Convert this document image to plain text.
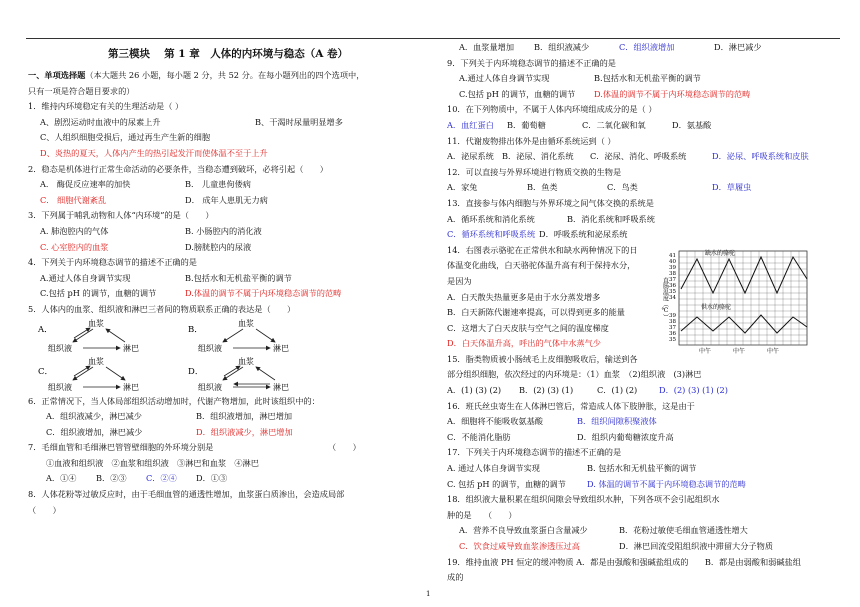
第三模块　 第 1 章　人体的内环境与稳态（A 卷）
一、单项选择题（本大题共 26 小题，每小题 2 分，共 52 分。在每小题列出的四个选项中，
只有一项是符合题目要求的）
1．维持内环境稳定有关的生理活动是（ ）
A、剧烈运动时血液中的尿素上升	B、干渴时尿量明显增多
C、人组织细胞受损后，通过再生产生新的细胞
D、炎热的夏天，人体内产生的热引起发汗而使体温不至于上升
2．稳态是机体进行正常生命活动的必要条件，当稳态遭到破坏，必将引起（　　）
A． 酶促反应速率的加快	B． 儿童患佝偻病
C． 细胞代谢紊乱	D． 成年人患肌无力病
3．下列属于哺乳动物和人体“内环境”的是（　　）
A. 肺泡腔内的气体	B. 小肠腔内的消化液
C. 心室腔内的血浆	D.膀胱腔内的尿液
4．下列关于内环境稳态调节的描述不正确的是
A.通过人体自身调节实现	B.包括水和无机盐平衡的调节
C.包括 pH 的调节，血糖的调节	D.体温的调节不属于内环境稳态调节的范畴
5．人体内的血浆、组织液和淋巴三者间的物质联系正确的表达是（　　）
A．
血浆
组织液	淋巴
B．
血浆
组织液	淋巴
C．
血浆
组织液	淋巴
D．
血浆
组织液	淋巴
6．正常情况下，当人体局部组织活动增加时，代谢产物增加，此时该组织中的：
A．组织液减少，淋巴减少	B．组织液增加，淋巴增加
C．组织液增加，淋巴减少	D．组织液减少，淋巴增加
7．毛细血管和毛细淋巴管管壁细胞的外环境分别是	（　　）
①血液和组织液　②血浆和组织液　③淋巴和血浆　④淋巴
A．①④ B．②③ C．②④ D．①③
8．人体花粉等过敏反应时，由于毛细血管的通透性增加，血浆蛋白质渗出，会造成局部
（　　）
A．血浆量增加 B．组织液减少	C．组织液增加	D．淋巴减少
9．下列关于内环境稳态调节的描述不正确的是
A.通过人体自身调节实现	B.包括水和无机盐平衡的调节
C.包括 pH 的调节，血糖的调节 D.体温的调节不属于内环境稳态调节的范畴
10．在下列物质中，不属于人体内环境组成成分的是（ ）
A．血红蛋白 B．葡萄糖	C．二氧化碳和氧	D．氨基酸
11．代谢废物排出体外是由循环系统运到（ ）
A．泌尿系统 B．泌尿、消化系统 C．泌尿、消化、呼吸系统	D．泌尿、呼吸系统和皮肤
12．可以直接与外界环境进行物质交换的生物是
A．家兔	B．鱼类	C．鸟类	D．草履虫
13．直接参与体内细胞与外界环境之间气体交换的系统是
A．循环系统和消化系统	B．消化系统和呼吸系统
C．循环系统和呼吸系统 D．呼吸系统和泌尿系统
14．右图表示骆驼在正常供水和缺水两种情况下的日
体温变化曲线，白天骆驼体温升高有利于保持水分，
是因为
A．白天散失热量更多是由于水分蒸发增多
B．白天新陈代谢速率提高，可以得到更多的能量
C．这增大了白天皮肤与空气之间的温度梯度
D．白天体温升高，呼出的气体中水蒸气少
15．脂类物质被小肠绒毛上皮细胞吸收后，输送到各
部分组织细胞，依次经过的内环境是：（1）血浆　（2)组织液　(3)淋巴
A．(1) (3) (2) B．(2) (3) (1)	C．(1) (2)	D．(2) (3) (1) (2)
16．班氏丝虫寄生在人体淋巴管后，常造成人体下肢肿胀，这是由于
A．细胞将不能吸收氨基酸	B．组织间隙积聚液体
C．不能消化脂肪	D．组织内葡萄糖浓度升高
17．下列关于内环境稳态调节的描述不正确的是
A. 通过人体自身调节实现	B. 包括水和无机盐平衡的调节
C. 包括 pH 的调节，血糖的调节	D. 体温的调节不属于内环境稳态调节的范畴
18．组织液大量积累在组织间隙会导致组织水肿，下列各项不会引起组织水
肿的是　　（　　）
A．营养不良导致血浆蛋白含量减少	B．花粉过敏使毛细血管通透性增大
C．饮食过咸导致血浆渗透压过高	D．淋巴回流受阻组织液中滞留大分子物质
19．维持血液 PH 恒定的缓冲物质 A．都是由强酸和强碱盐组成的　　B．都是由弱酸和弱碱盐组
成的
缺水的骆驼
供水的骆驼
直肠温度（℃）
41
40
39
38
37
36
35
34
39
38
37
36
35
中午	中午	中午
1
